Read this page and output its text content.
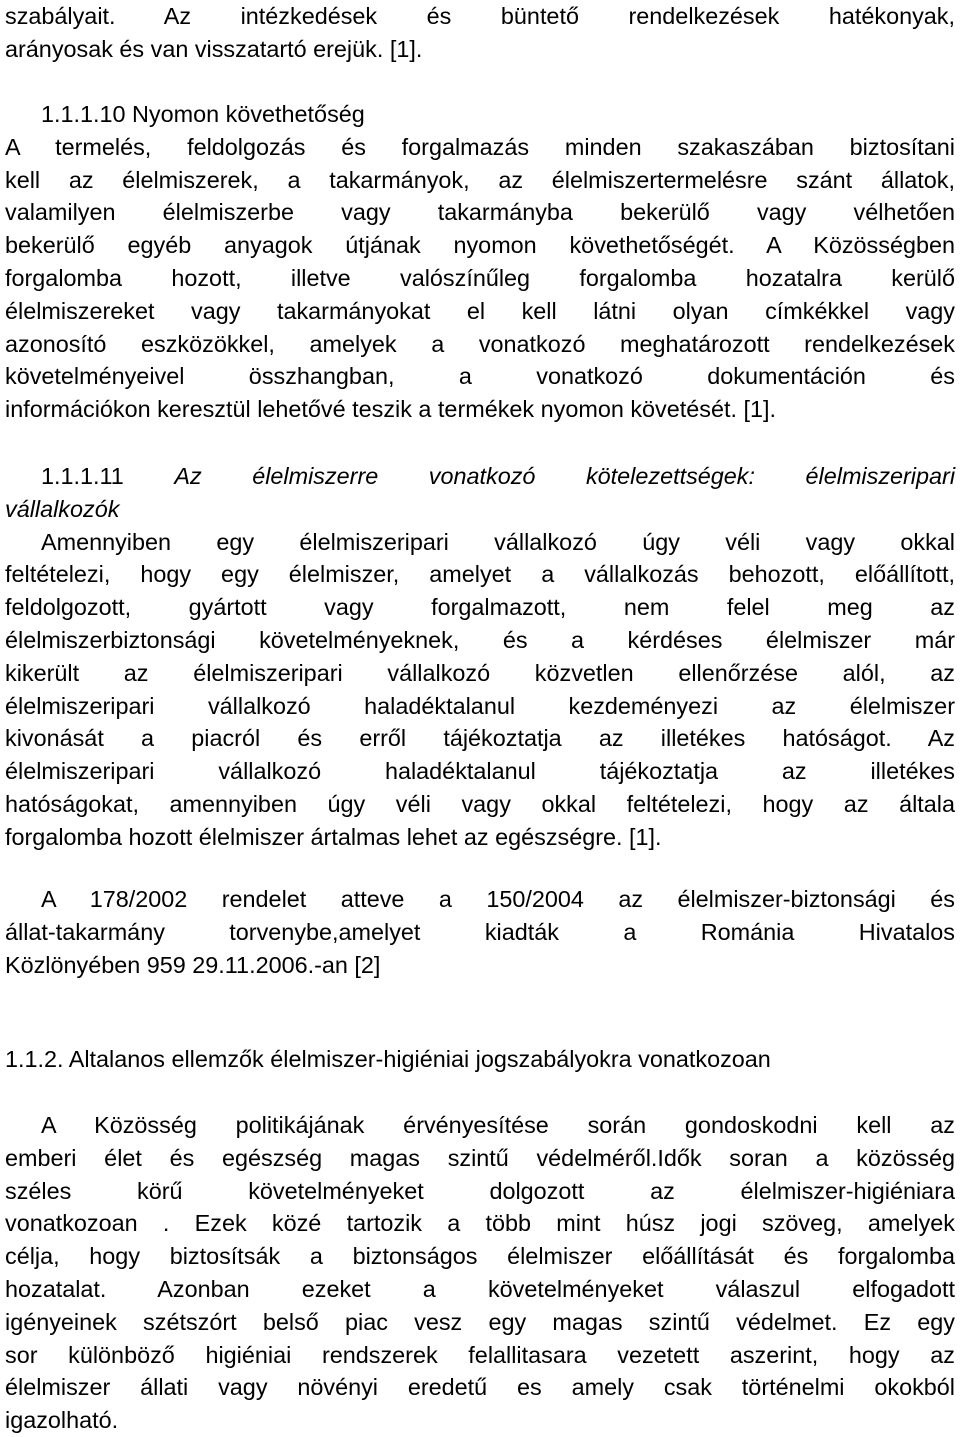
szabályait. Az intézkedések és büntető rendelkezések hatékonyak,
arányosak és van visszatartó erejük. [1].
1.1.1.10 Nyomon követhetőség
A termelés, feldolgozás és forgalmazás minden szakaszában biztosítani
kell az élelmiszerek, a takarmányok, az élelmiszertermelésre szánt állatok,
valamilyen élelmiszerbe vagy takarmányba bekerülő vagy vélhetően
bekerülő egyéb anyagok útjának nyomon követhetőségét. A Közösségben
forgalomba hozott, illetve valószínűleg forgalomba hozatalra kerülő
élelmiszereket vagy takarmányokat el kell látni olyan címkékkel vagy
azonosító eszközökkel, amelyek a vonatkozó meghatározott rendelkezések
követelményeivel összhangban, a vonatkozó dokumentáción és
információkon keresztül lehetővé teszik a termékek nyomon követését. [1].
1.1.1.11 Az élelmiszerre vonatkozó kötelezettségek: élelmiszeripari
vállalkozók
Amennyiben egy élelmiszeripari vállalkozó úgy véli vagy okkal
feltételezi, hogy egy élelmiszer, amelyet a vállalkozás behozott, előállított,
feldolgozott, gyártott vagy forgalmazott, nem felel meg az
élelmiszerbiztonsági követelményeknek, és a kérdéses élelmiszer már
kikerült az élelmiszeripari vállalkozó közvetlen ellenőrzése alól, az
élelmiszeripari vállalkozó haladéktalanul kezdeményezi az élelmiszer
kivonását a piacról és erről tájékoztatja az illetékes hatóságot. Az
élelmiszeripari vállalkozó haladéktalanul tájékoztatja az illetékes
hatóságokat, amennyiben úgy véli vagy okkal feltételezi, hogy az általa
forgalomba hozott élelmiszer ártalmas lehet az egészségre. [1].
A 178/2002 rendelet atteve a 150/2004 az élelmiszer-biztonsági és
állat-takarmány torvenybe,amelyet kiadták a Románia Hivatalos
Közlönyében 959 29.11.2006.-an [2]
1.1.2. Altalanos ellemzők élelmiszer-higiéniai jogszabályokra vonatkozoan
A Közösség politikájának érvényesítése során gondoskodni kell az
emberi élet és egészség magas szintű védelméről.Idők soran a közösség
széles körű követelményeket dolgozott az élelmiszer-higiéniara
vonatkozoan . Ezek közé tartozik a több mint húsz jogi szöveg, amelyek
célja, hogy biztosítsák a biztonságos élelmiszer előállítását és forgalomba
hozatalat. Azonban ezeket a követelményeket válaszul elfogadott
igényeinek szétszórt belső piac vesz egy magas szintű védelmet. Ez egy
sor különböző higiéniai rendszerek felallitasara vezetett aszerint, hogy az
élelmiszer állati vagy növényi eredetű es amely csak történelmi okokból
igazolható.
